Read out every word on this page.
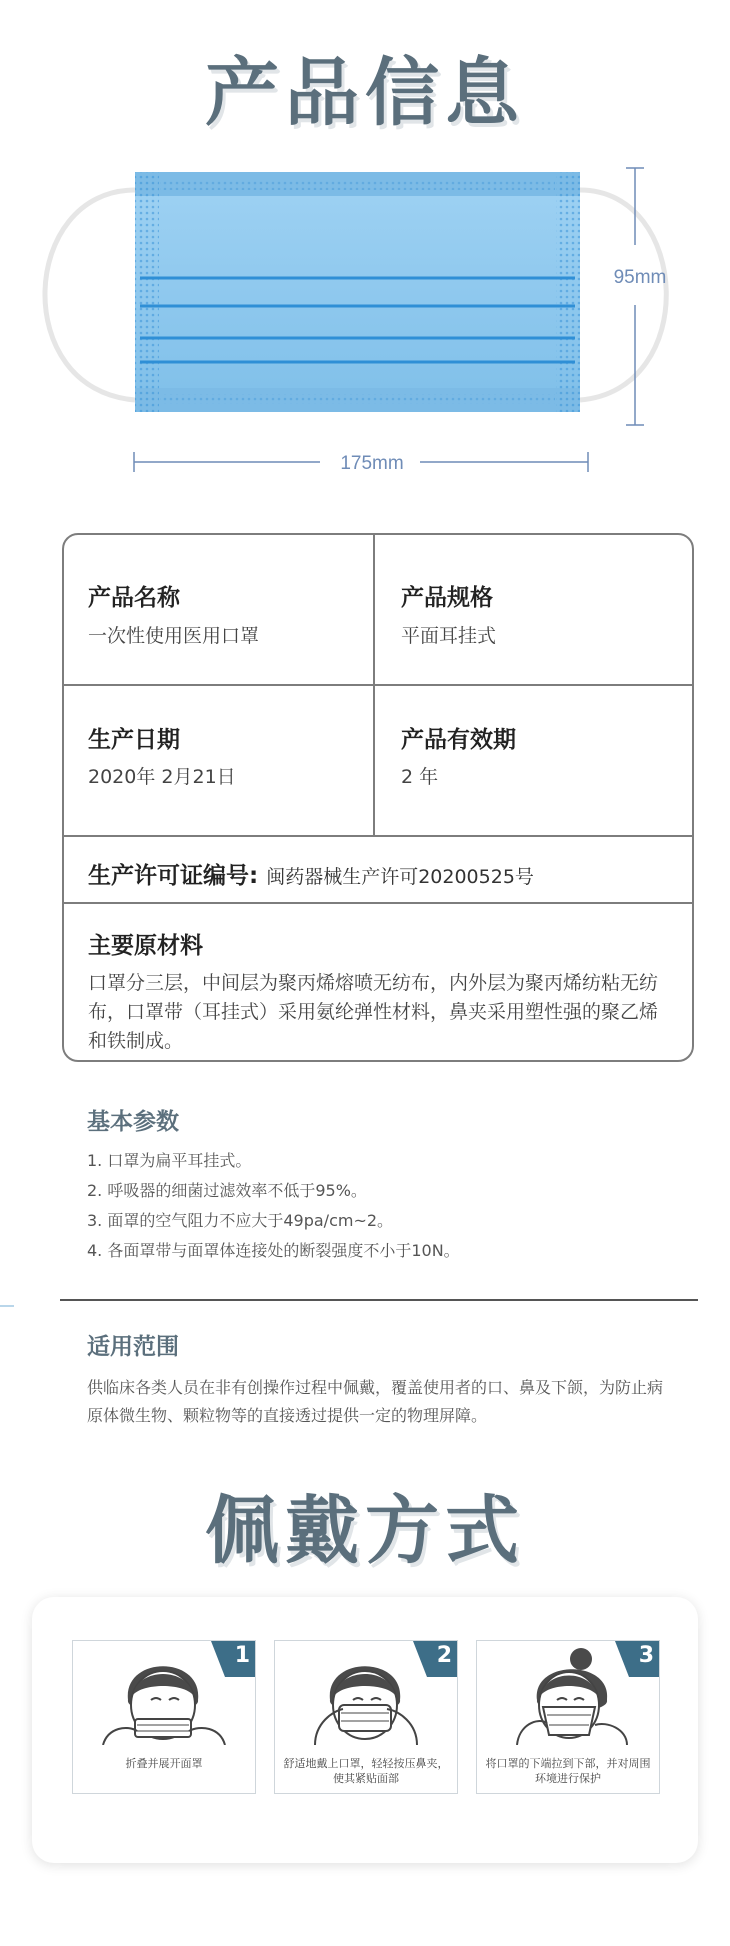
产品信息
95mm
175mm
产品名称
一次性使用医用口罩
产品规格
平面耳挂式
生产日期
2020年 2月21日
产品有效期
2 年
生产许可证编号: 闽药器械生产许可20200525号
主要原材料
口罩分三层，中间层为聚丙烯熔喷无纺布，内外层为聚丙烯纺粘无纺布，口罩带（耳挂式）采用氨纶弹性材料，鼻夹采用塑性强的聚乙烯和铁制成。
基本参数
1. 口罩为扁平耳挂式。
2. 呼吸器的细菌过滤效率不低于95%。
3. 面罩的空气阻力不应大于49pa/cm~2。
4. 各面罩带与面罩体连接处的断裂强度不小于10N。
适用范围
供临床各类人员在非有创操作过程中佩戴，覆盖使用者的口、鼻及下颌，为防止病原体微生物、颗粒物等的直接透过提供一定的物理屏障。
佩戴方式
1
折叠并展开面罩
2
舒适地戴上口罩，轻轻按压鼻夹，使其紧贴面部
3
将口罩的下端拉到下部，并对周围环境进行保护
